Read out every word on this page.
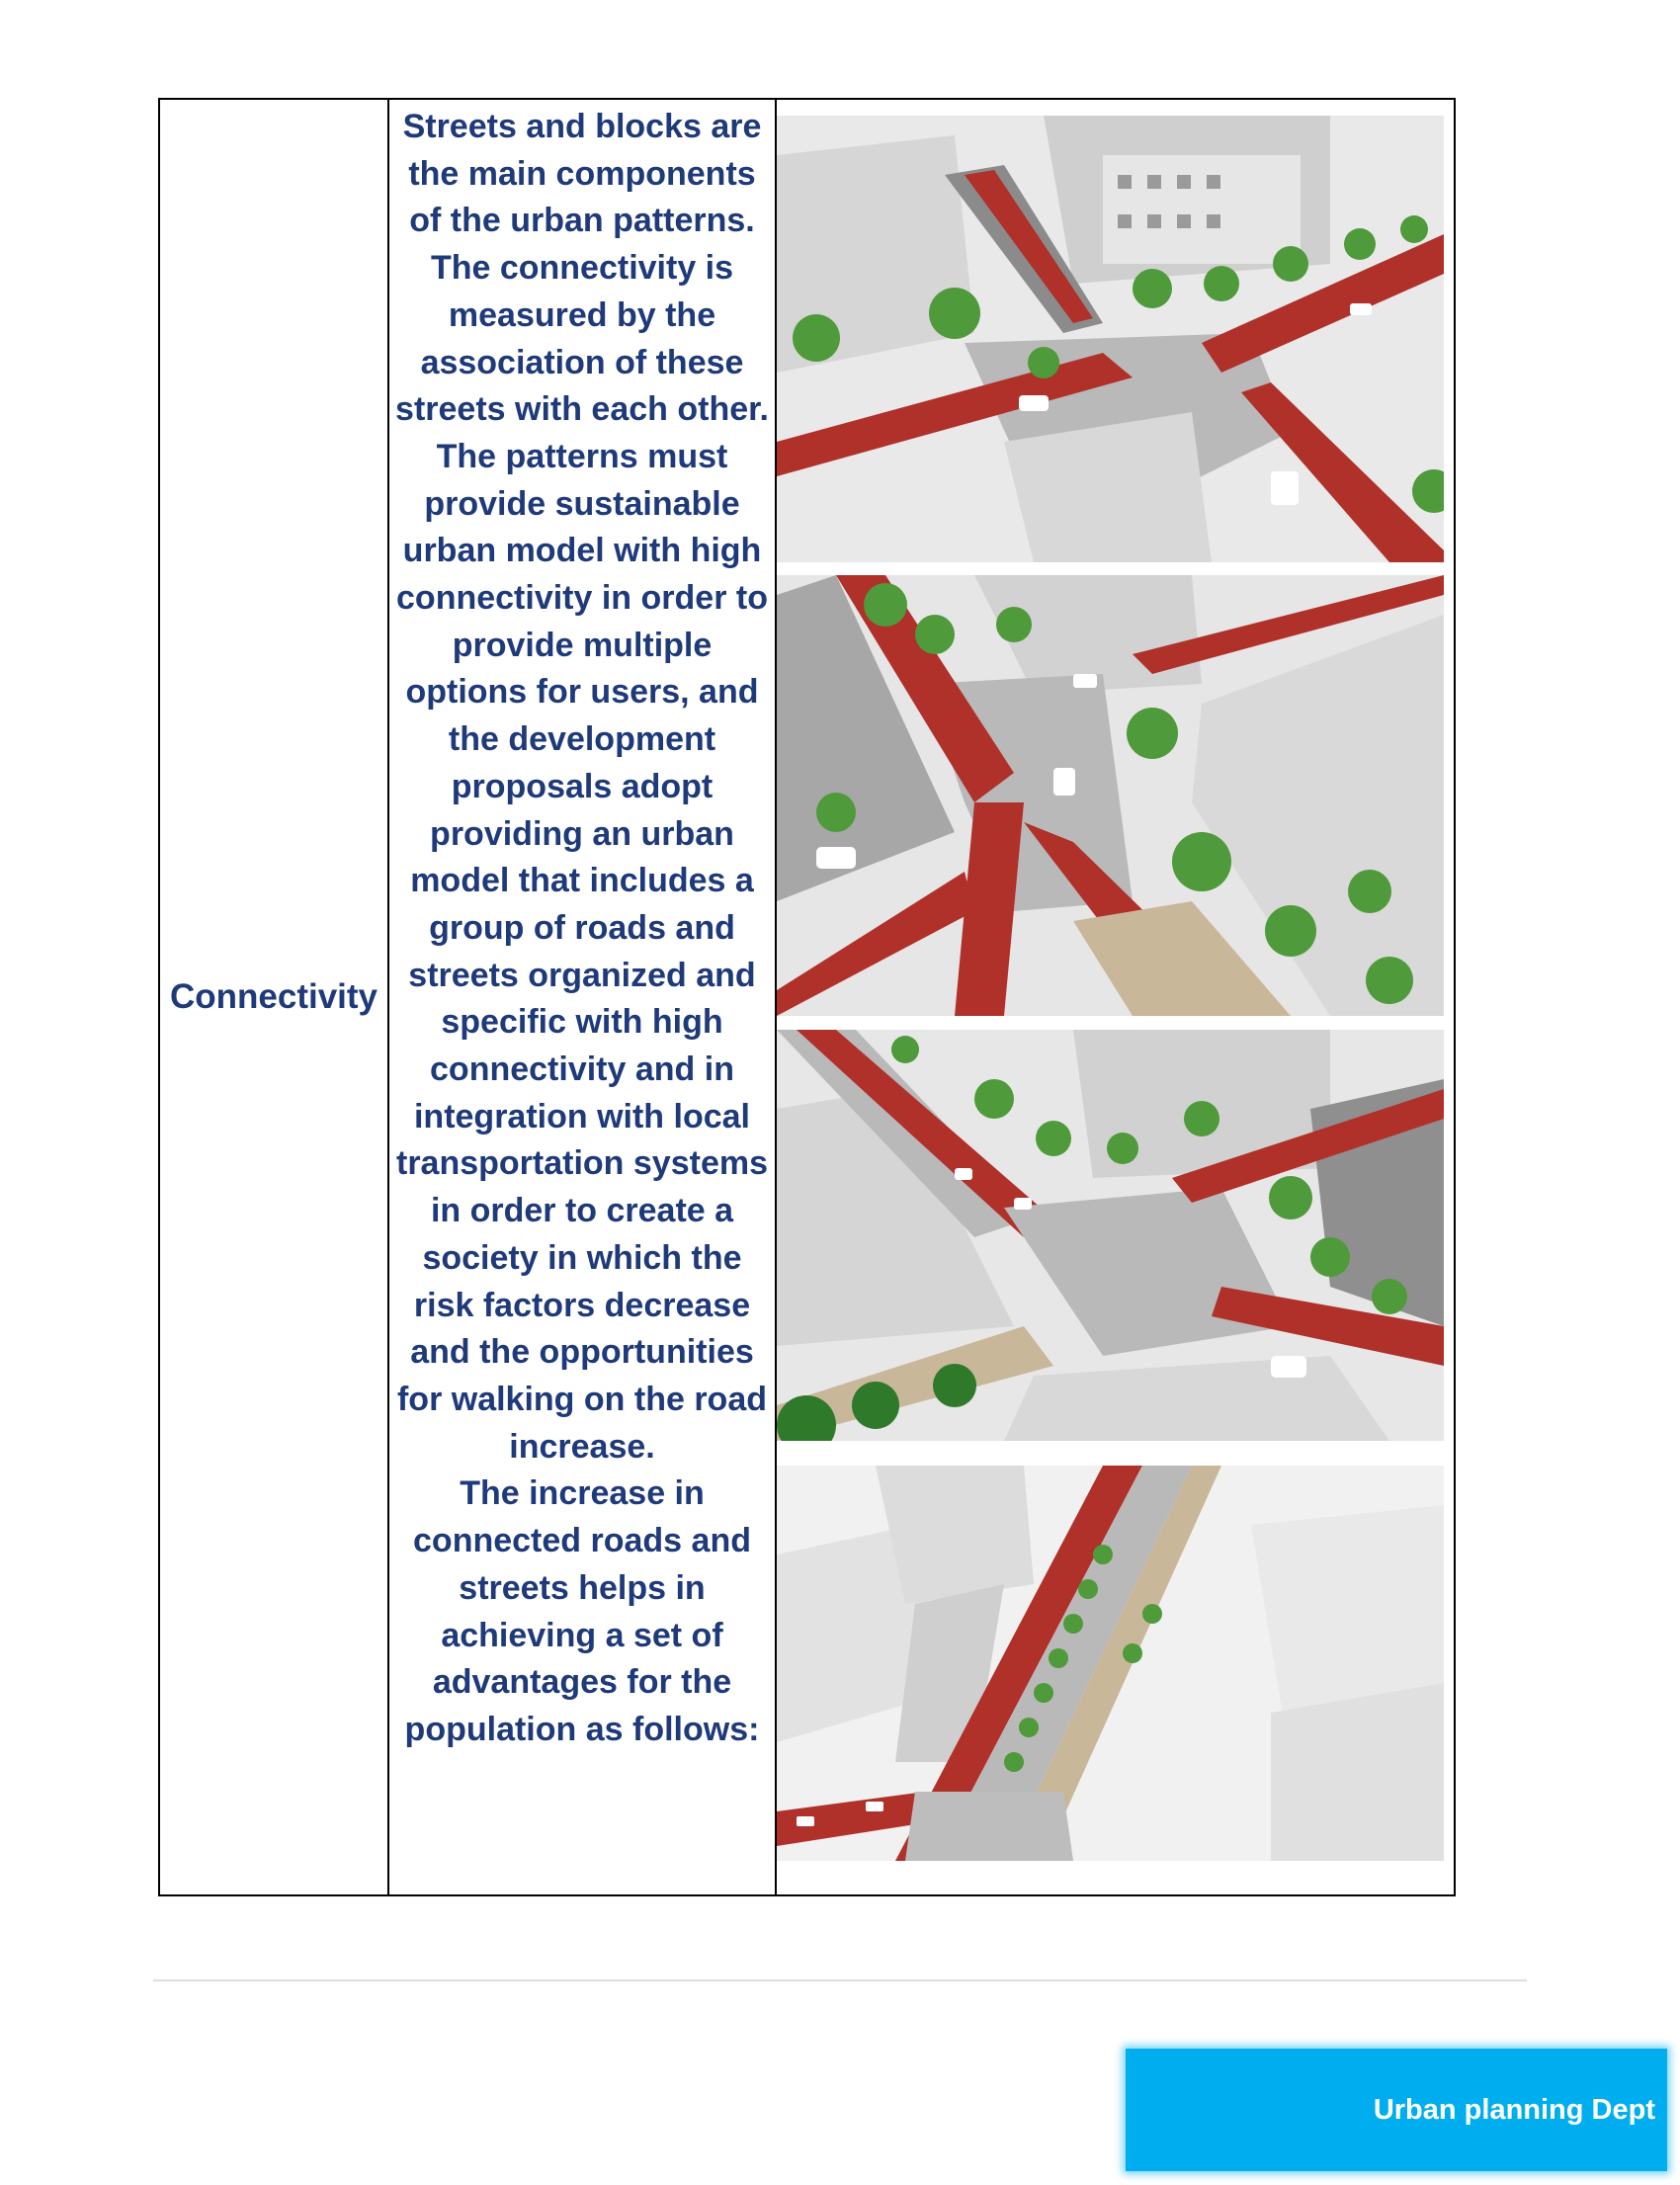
Connectivity

Streets and blocks are the main components of the urban patterns. The connectivity is measured by the association of these streets with each other. The patterns must provide sustainable urban model with high connectivity in order to provide multiple options for users, and the development proposals adopt providing an urban model that includes a group of roads and streets organized and specific with high connectivity and in integration with local transportation systems in order to create a society in which the risk factors decrease and the opportunities for walking on the road increase.

The increase in connected roads and streets helps in achieving a set of advantages for the population as follows:

Urban planning Dept
